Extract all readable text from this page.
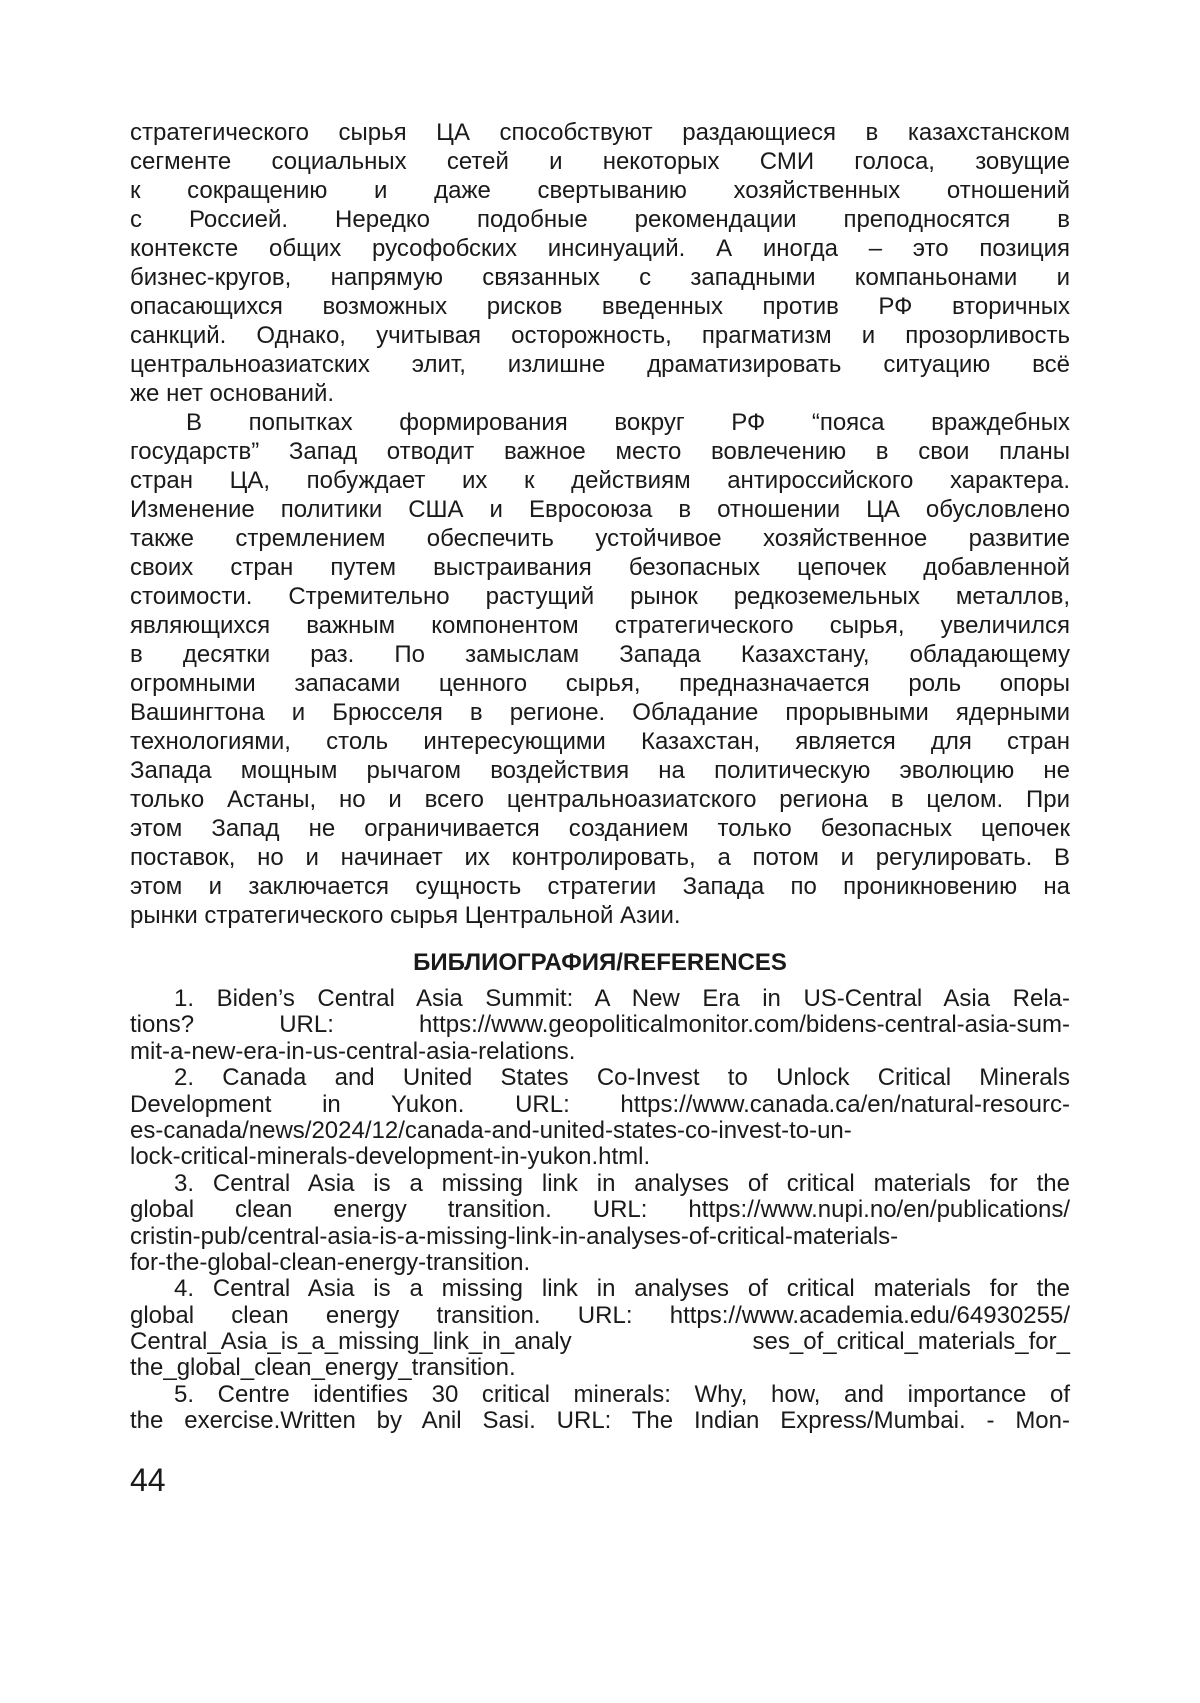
стратегического сырья ЦА способствуют раздающиеся в казахстанском
сегменте социальных сетей и некоторых СМИ голоса, зовущие
к сокращению и даже свертыванию хозяйственных отношений
с Россией. Нередко подобные рекомендации преподносятся в
контексте общих русофобских инсинуаций. А иногда – это позиция
бизнес-кругов, напрямую связанных с западными компаньонами и
опасающихся возможных рисков введенных против РФ вторичных
санкций. Однако, учитывая осторожность, прагматизм и прозорливость
центральноазиатских элит, излишне драматизировать ситуацию всё
же нет оснований.
В попытках формирования вокруг РФ “пояса враждебных
государств” Запад отводит важное место вовлечению в свои планы
стран ЦА, побуждает их к действиям антироссийского характера.
Изменение политики США и Евросоюза в отношении ЦА обусловлено
также стремлением обеспечить устойчивое хозяйственное развитие
своих стран путем выстраивания безопасных цепочек добавленной
стоимости. Стремительно растущий рынок редкоземельных металлов,
являющихся важным компонентом стратегического сырья, увеличился
в десятки раз. По замыслам Запада Казахстану, обладающему
огромными запасами ценного сырья, предназначается роль опоры
Вашингтона и Брюсселя в регионе. Обладание прорывными ядерными
технологиями, столь интересующими Казахстан, является для стран
Запада мощным рычагом воздействия на политическую эволюцию не
только Астаны, но и всего центральноазиатского региона в целом. При
этом Запад не ограничивается созданием только безопасных цепочек
поставок, но и начинает их контролировать, а потом и регулировать. В
этом и заключается сущность стратегии Запада по проникновению на
рынки стратегического сырья Центральной Азии.
БИБЛИОГРАФИЯ/REFERENCES
1. Biden’s Central Asia Summit: A New Era in US-Central Asia Rela-
tions? URL: https://www.geopoliticalmonitor.com/bidens-central-asia-sum-
mit-a-new-era-in-us-central-asia-relations.
2. Canada and United States Co-Invest to Unlock Critical Minerals
Development in Yukon. URL: https://www.canada.ca/en/natural-resourc-
es-canada/news/2024/12/canada-and-united-states-co-invest-to-un-
lock-critical-minerals-development-in-yukon.html.
3. Central Asia is a missing link in analyses of critical materials for the
global clean energy transition. URL: https://www.nupi.no/en/publications/
cristin-pub/central-asia-is-a-missing-link-in-analyses-of-critical-materials-
for-the-global-clean-energy-transition.
4. Central Asia is a missing link in analyses of critical materials for the
global clean energy transition. URL: https://www.academia.edu/64930255/
Central_Asia_is_a_missing_link_in_analy ses_of_critical_materials_for_
the_global_clean_energy_transition.
5. Centre identifies 30 critical minerals: Why, how, and importance of
the exercise.Written by Anil Sasi. URL: The Indian Express/Mumbai. - Mon-
44
